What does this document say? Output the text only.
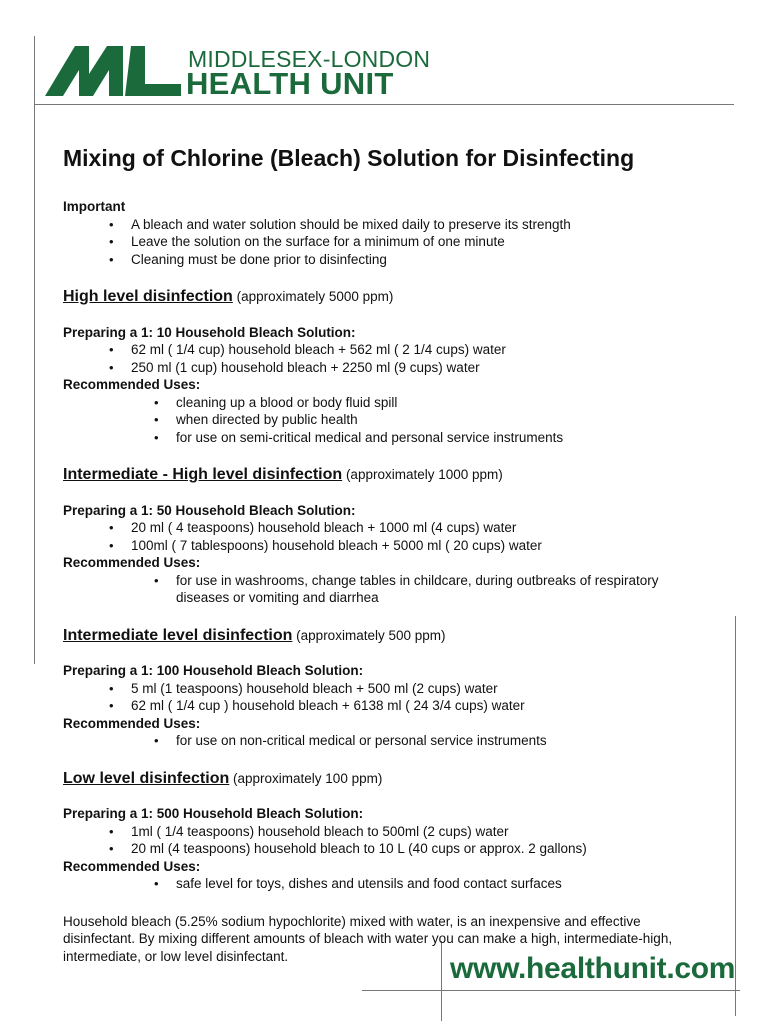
MIDDLESEX-LONDON
HEALTH UNIT
Mixing of Chlorine (Bleach) Solution for Disinfecting
Important
• A bleach and water solution should be mixed daily to preserve its strength
• Leave the solution on the surface for a minimum of one minute
• Cleaning must be done prior to disinfecting
High level disinfection (approximately 5000 ppm)
Preparing a 1: 10 Household Bleach Solution:
• 62 ml ( 1/4 cup) household bleach + 562 ml ( 2 1/4 cups) water
• 250 ml (1 cup) household bleach + 2250 ml (9 cups) water
Recommended Uses:
• cleaning up a blood or body fluid spill
• when directed by public health
• for use on semi-critical medical and personal service instruments
Intermediate - High level disinfection (approximately 1000 ppm)
Preparing a 1: 50 Household Bleach Solution:
• 20 ml ( 4 teaspoons) household bleach + 1000 ml (4 cups) water
• 100ml ( 7 tablespoons) household bleach + 5000 ml ( 20 cups) water
Recommended Uses:
• for use in washrooms, change tables in childcare, during outbreaks of respiratory diseases or vomiting and diarrhea
Intermediate level disinfection (approximately 500 ppm)
Preparing a 1: 100 Household Bleach Solution:
• 5 ml (1 teaspoons) household bleach + 500 ml (2 cups) water
• 62 ml ( 1/4 cup ) household bleach + 6138 ml ( 24 3/4 cups) water
Recommended Uses:
• for use on non-critical medical or personal service instruments
Low level disinfection (approximately 100 ppm)
Preparing a 1: 500 Household Bleach Solution:
• 1ml ( 1/4 teaspoons) household bleach to 500ml (2 cups) water
• 20 ml (4 teaspoons) household bleach to 10 L (40 cups or approx. 2 gallons)
Recommended Uses:
• safe level for toys, dishes and utensils and food contact surfaces
Household bleach (5.25% sodium hypochlorite) mixed with water, is an inexpensive and effective disinfectant. By mixing different amounts of bleach with water you can make a high, intermediate-high, intermediate, or low level disinfectant.	www.healthunit.com
